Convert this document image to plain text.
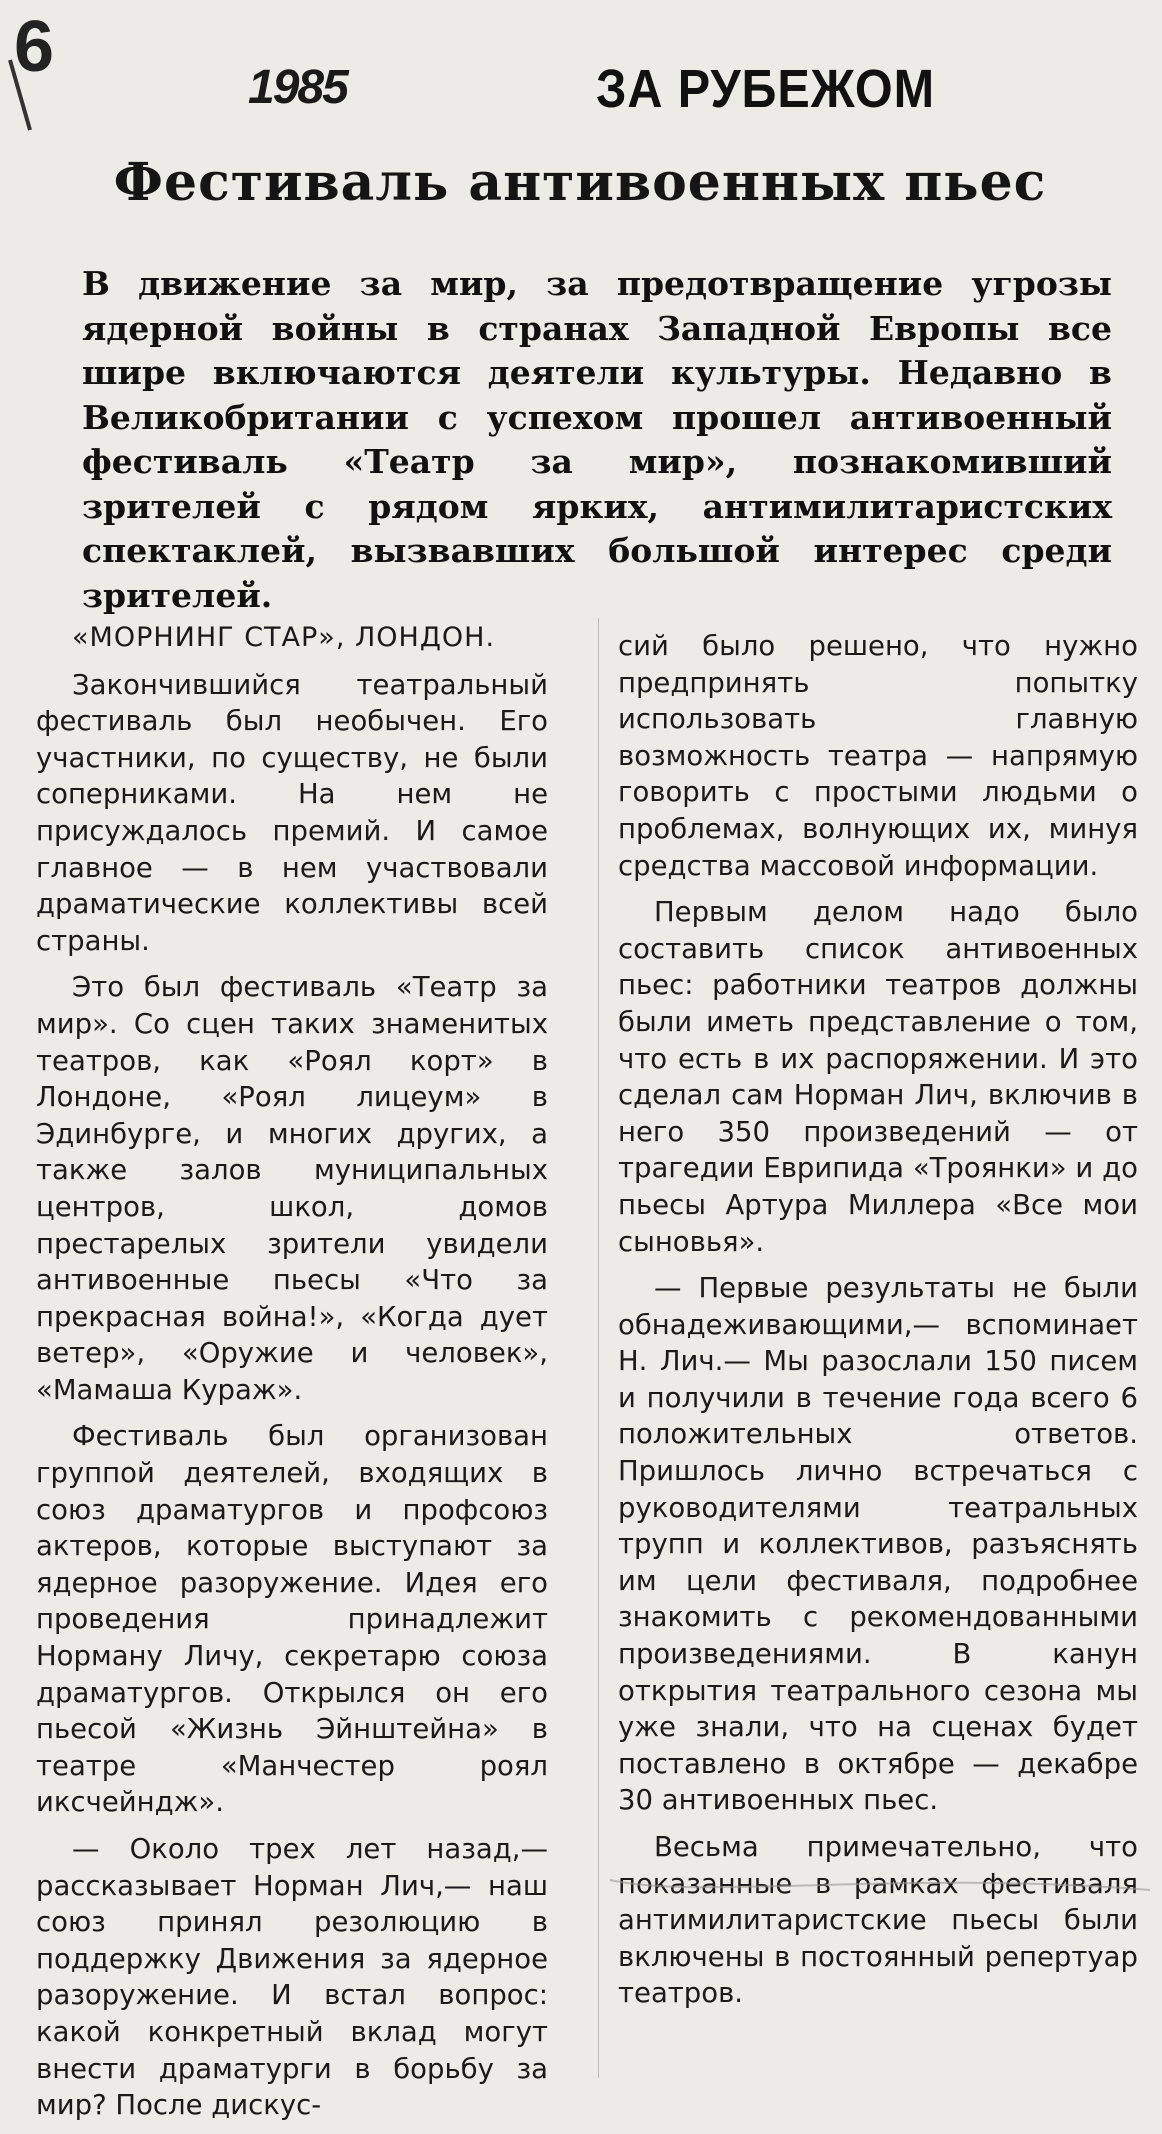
6
1985	ЗА РУБЕЖОМ
Фестиваль антивоенных пьес

В движение за мир, за предотвращение угрозы ядерной войны в странах Западной Европы все шире включаются деятели культуры. Недавно в Великобритании с успехом прошел антивоенный фестиваль «Театр за мир», познакомивший зрителей с рядом ярких, антимилитаристских спектаклей, вызвавших большой интерес среди зрителей.

«МОРНИНГ СТАР», ЛОНДОН.

Закончившийся театральный фестиваль был необычен. Его участники, по существу, не были соперниками. На нем не присуждалось премий. И самое главное — в нем участвовали драматические коллективы всей страны.

Это был фестиваль «Театр за мир». Со сцен таких знаменитых театров, как «Роял корт» в Лондоне, «Роял лицеум» в Эдинбурге, и многих других, а также залов муниципальных центров, школ, домов престарелых зрители увидели антивоенные пьесы «Что за прекрасная война!», «Когда дует ветер», «Оружие и человек», «Мамаша Кураж».

Фестиваль был организован группой деятелей, входящих в союз драматургов и профсоюз актеров, которые выступают за ядерное разоружение. Идея его проведения принадлежит Норману Личу, секретарю союза драматургов. Открылся он его пьесой «Жизнь Эйнштейна» в театре «Манчестер роял иксчейндж».

— Около трех лет назад,— рассказывает Норман Лич,— наш союз принял резолюцию в поддержку Движения за ядерное разоружение. И встал вопрос: какой конкретный вклад могут внести драматурги в борьбу за мир? После дискус-

сий было решено, что нужно предпринять попытку использовать главную возможность театра — напрямую говорить с простыми людьми о проблемах, волнующих их, минуя средства массовой информации.

Первым делом надо было составить список антивоенных пьес: работники театров должны были иметь представление о том, что есть в их распоряжении. И это сделал сам Норман Лич, включив в него 350 произведений — от трагедии Еврипида «Троянки» и до пьесы Артура Миллера «Все мои сыновья».

— Первые результаты не были обнадеживающими,— вспоминает Н. Лич.— Мы разослали 150 писем и получили в течение года всего 6 положительных ответов. Пришлось лично встречаться с руководителями театральных трупп и коллективов, разъяснять им цели фестиваля, подробнее знакомить с рекомендованными произведениями. В канун открытия театрального сезона мы уже знали, что на сценах будет поставлено в октябре — декабре 30 антивоенных пьес.

Весьма примечательно, что показанные в рамках фестиваля антимилитаристские пьесы были включены в постоянный репертуар театров.
